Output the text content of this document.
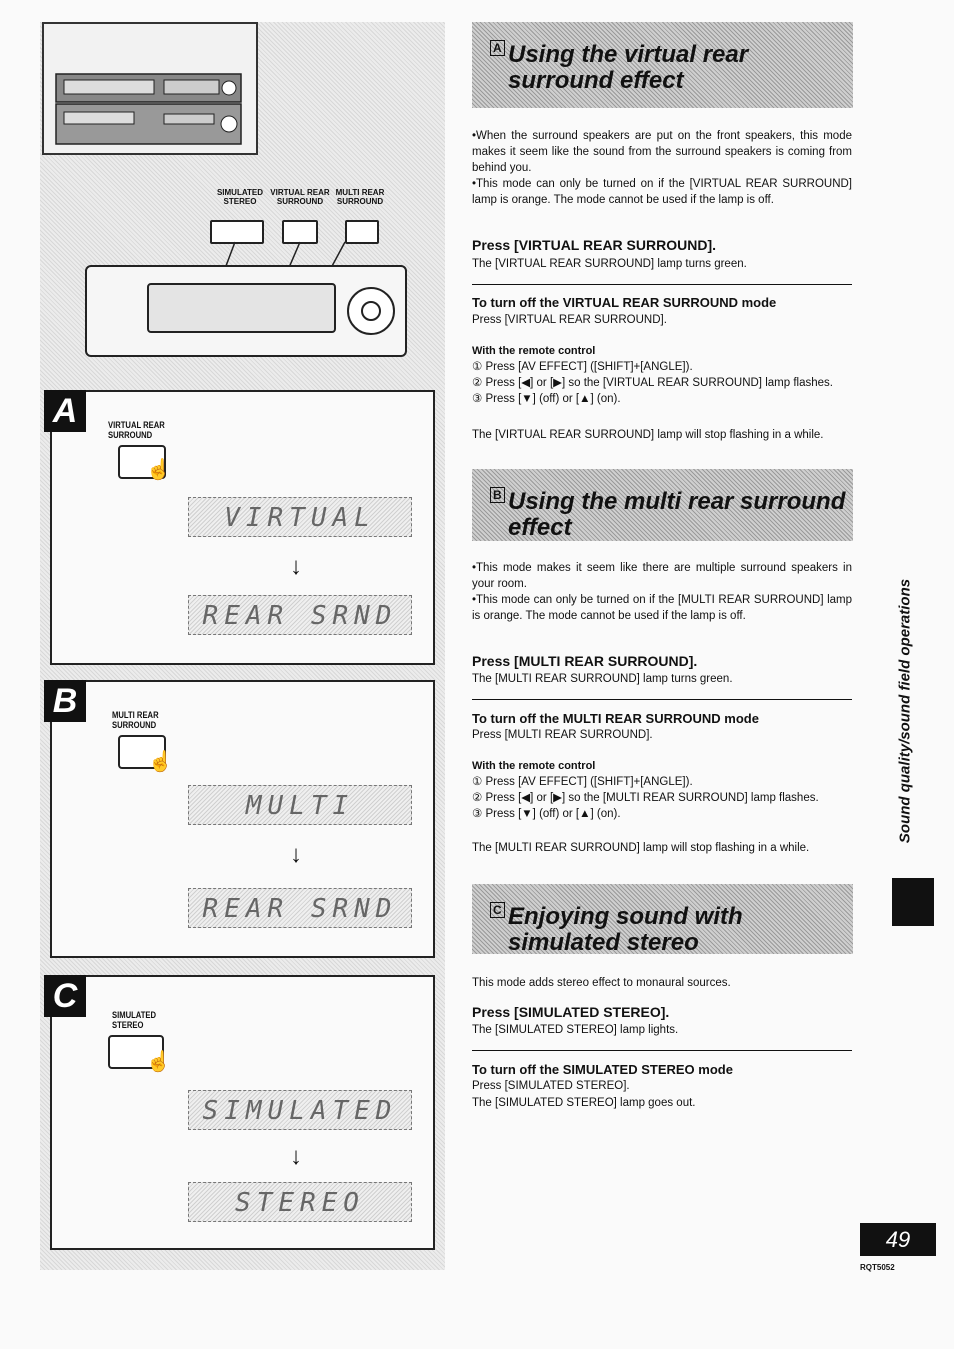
SIMULATED
STEREO
VIRTUAL REAR
SURROUND
MULTI REAR
SURROUND
A	VIRTUAL REAR
SURROUND
☝
VIRTUAL
↓
REAR SRND
B	MULTI REAR
SURROUND
☝
MULTI
↓
REAR SRND
C	SIMULATED
STEREO
☝
SIMULATED
↓
STEREO
Using the virtual rear surround effect
A

•When the surround speakers are put on the front speakers, this mode makes it seem like the sound from the surround speakers is coming from behind you.

•This mode can only be turned on if the [VIRTUAL REAR SURROUND] lamp is orange. The mode cannot be used if the lamp is off.

Press [VIRTUAL REAR SURROUND].
The [VIRTUAL REAR SURROUND] lamp turns green.
To turn off the VIRTUAL REAR SURROUND mode
Press [VIRTUAL REAR SURROUND].
With the remote control
① Press [AV EFFECT] ([SHIFT]+[ANGLE]).
② Press [◀] or [▶] so the [VIRTUAL REAR SURROUND] lamp flashes.
③ Press [▼] (off) or [▲] (on).
The [VIRTUAL REAR SURROUND] lamp will stop flashing in a while.
Using the multi rear surround effect
B

•This mode makes it seem like there are multiple surround speakers in your room.

•This mode can only be turned on if the [MULTI REAR SURROUND] lamp is orange. The mode cannot be used if the lamp is off.

Press [MULTI REAR SURROUND].
The [MULTI REAR SURROUND] lamp turns green.
To turn off the MULTI REAR SURROUND mode
Press [MULTI REAR SURROUND].
With the remote control
① Press [AV EFFECT] ([SHIFT]+[ANGLE]).
② Press [◀] or [▶] so the [MULTI REAR SURROUND] lamp flashes.
③ Press [▼] (off) or [▲] (on).
The [MULTI REAR SURROUND] lamp will stop flashing in a while.
Enjoying sound with simulated stereo
C
This mode adds stereo effect to monaural sources.
Press [SIMULATED STEREO].
The [SIMULATED STEREO] lamp lights.
To turn off the SIMULATED STEREO mode
Press [SIMULATED STEREO].
The [SIMULATED STEREO] lamp goes out.
Sound quality/sound field operations
49
RQT5052
